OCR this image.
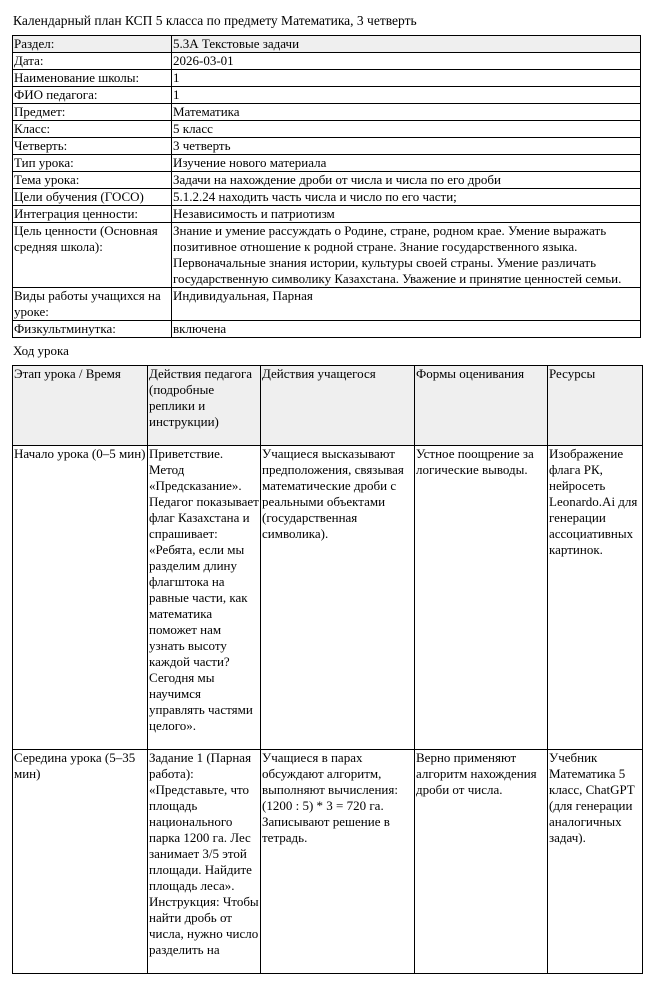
Календарный план КСП 5 класса по предмету Математика, 3 четверть
Раздел:	5.3А Текстовые задачи
Дата:	2026-03-01
Наименование школы:	1
ФИО педагога:	1
Предмет:	Математика
Класс:	5 класс
Четверть:	3 четверть
Тип урока:	Изучение нового материала
Тема урока:	Задачи на нахождение дроби от числа и числа по его дроби
Цели обучения (ГОСО)	5.1.2.24 находить часть числа и число по его части;
Интеграция ценности:	Независимость и патриотизм
Цель ценности (Основная средняя школа):	Знание и умение рассуждать о Родине, стране, родном крае. Умение выражать позитивное отношение к родной стране. Знание государственного языка. Первоначальные знания истории, культуры своей страны. Умение различать государственную символику Казахстана. Уважение и принятие ценностей семьи.
Виды работы учащихся на уроке:	Индивидуальная, Парная
Физкультминутка:	включена
Ход урока
Этап урока / Время	Действия педагога (подробные реплики и инструкции)	Действия учащегося	Формы оценивания	Ресурсы
Начало урока (0–5 мин)	Приветствие. Метод «Предсказание». Педагог показывает флаг Казахстана и спрашивает: «Ребята, если мы разделим длину флагштока на равные части, как математика поможет нам узнать высоту каждой части? Сегодня мы научимся управлять частями целого».	Учащиеся высказывают предположения, связывая математические дроби с реальными объектами (государственная символика).	Устное поощрение за логические выводы.	Изображение флага РК, нейросеть Leonardo.Ai для генерации ассоциативных картинок.
Середина урока (5–35 мин)	Задание 1 (Парная работа): «Представьте, что площадь национального парка 1200 га. Лес занимает 3/5 этой площади. Найдите площадь леса». Инструкция: Чтобы найти дробь от числа, нужно число разделить на	Учащиеся в парах обсуждают алгоритм, выполняют вычисления: (1200 : 5) * 3 = 720 га. Записывают решение в тетрадь.	Верно применяют алгоритм нахождения дроби от числа.	Учебник Математика 5 класс, ChatGPT (для генерации аналогичных задач).
